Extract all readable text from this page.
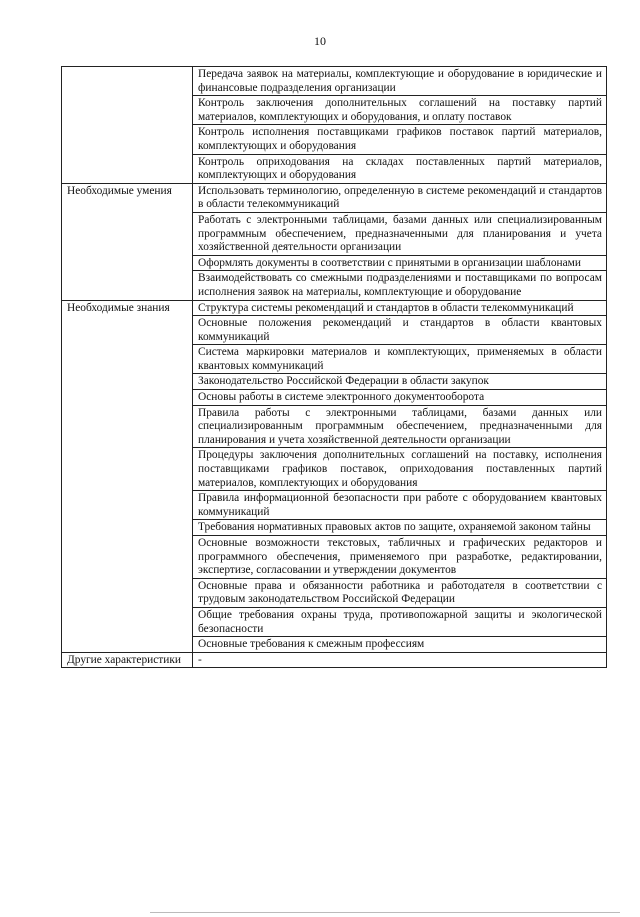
10
	Передача заявок на материалы, комплектующие и оборудование в юридические и финансовые подразделения организации
	Контроль заключения дополнительных соглашений на поставку партий материалов, комплектующих и оборудования, и оплату поставок
	Контроль исполнения поставщиками графиков поставок партий материалов, комплектующих и оборудования
	Контроль оприходования на складах поставленных партий материалов, комплектующих и оборудования
Необходимые умения	Использовать терминологию, определенную в системе рекомендаций и стандартов в области телекоммуникаций
	Работать с электронными таблицами, базами данных или специализированным программным обеспечением, предназначенными для планирования и учета хозяйственной деятельности организации
	Оформлять документы в соответствии с принятыми в организации шаблонами
	Взаимодействовать со смежными подразделениями и поставщиками по вопросам исполнения заявок на материалы, комплектующие и оборудование
Необходимые знания	Структура системы рекомендаций и стандартов в области телекоммуникаций
	Основные положения рекомендаций и стандартов в области квантовых коммуникаций
	Система маркировки материалов и комплектующих, применяемых в области квантовых коммуникаций
	Законодательство Российской Федерации в области закупок
	Основы работы в системе электронного документооборота
	Правила работы с электронными таблицами, базами данных или специализированным программным обеспечением, предназначенными для планирования и учета хозяйственной деятельности организации
	Процедуры заключения дополнительных соглашений на поставку, исполнения поставщиками графиков поставок, оприходования поставленных партий материалов, комплектующих и оборудования
	Правила информационной безопасности при работе с оборудованием квантовых коммуникаций
	Требования нормативных правовых актов по защите, охраняемой законом тайны
	Основные возможности текстовых, табличных и графических редакторов и программного обеспечения, применяемого при разработке, редактировании, экспертизе, согласовании и утверждении документов
	Основные права и обязанности работника и работодателя в соответствии с трудовым законодательством Российской Федерации
	Общие требования охраны труда, противопожарной защиты и экологической безопасности
	Основные требования к смежным профессиям
Другие характеристики	-
